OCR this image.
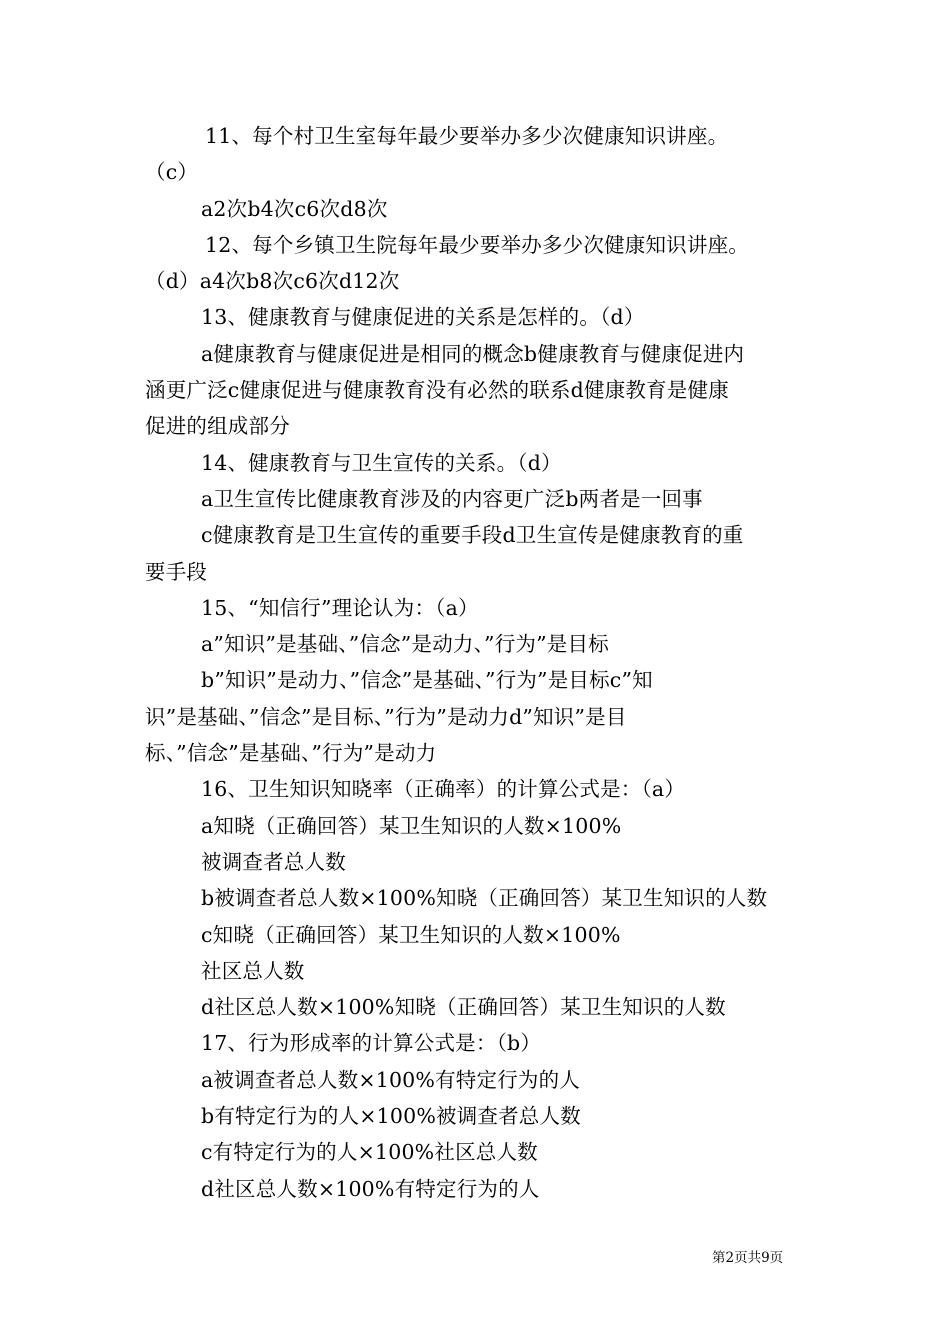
11、每个村卫生室每年最少要举办多少次健康知识讲座。
（c）
a2次b4次c6次d8次
12、每个乡镇卫生院每年最少要举办多少次健康知识讲座。
（d）a4次b8次c6次d12次
13、健康教育与健康促进的关系是怎样的。（d）
a健康教育与健康促进是相同的概念b健康教育与健康促进内
涵更广泛c健康促进与健康教育没有必然的联系d健康教育是健康
促进的组成部分
14、健康教育与卫生宣传的关系。（d）
a卫生宣传比健康教育涉及的内容更广泛b两者是一回事
c健康教育是卫生宣传的重要手段d卫生宣传是健康教育的重
要手段
15、“知信行”理论认为：（a）
a”知识”是基础、”信念”是动力、”行为”是目标
b”知识”是动力、”信念”是基础、”行为”是目标c”知
识”是基础、”信念”是目标、”行为”是动力d”知识”是目
标、”信念”是基础、”行为”是动力
16、卫生知识知晓率（正确率）的计算公式是：（a）
a知晓（正确回答）某卫生知识的人数×100%
被调查者总人数
b被调查者总人数×100%知晓（正确回答）某卫生知识的人数
c知晓（正确回答）某卫生知识的人数×100%
社区总人数
d社区总人数×100%知晓（正确回答）某卫生知识的人数
17、行为形成率的计算公式是：（b）
a被调查者总人数×100%有特定行为的人
b有特定行为的人×100%被调查者总人数
c有特定行为的人×100%社区总人数
d社区总人数×100%有特定行为的人
第2页共9页
